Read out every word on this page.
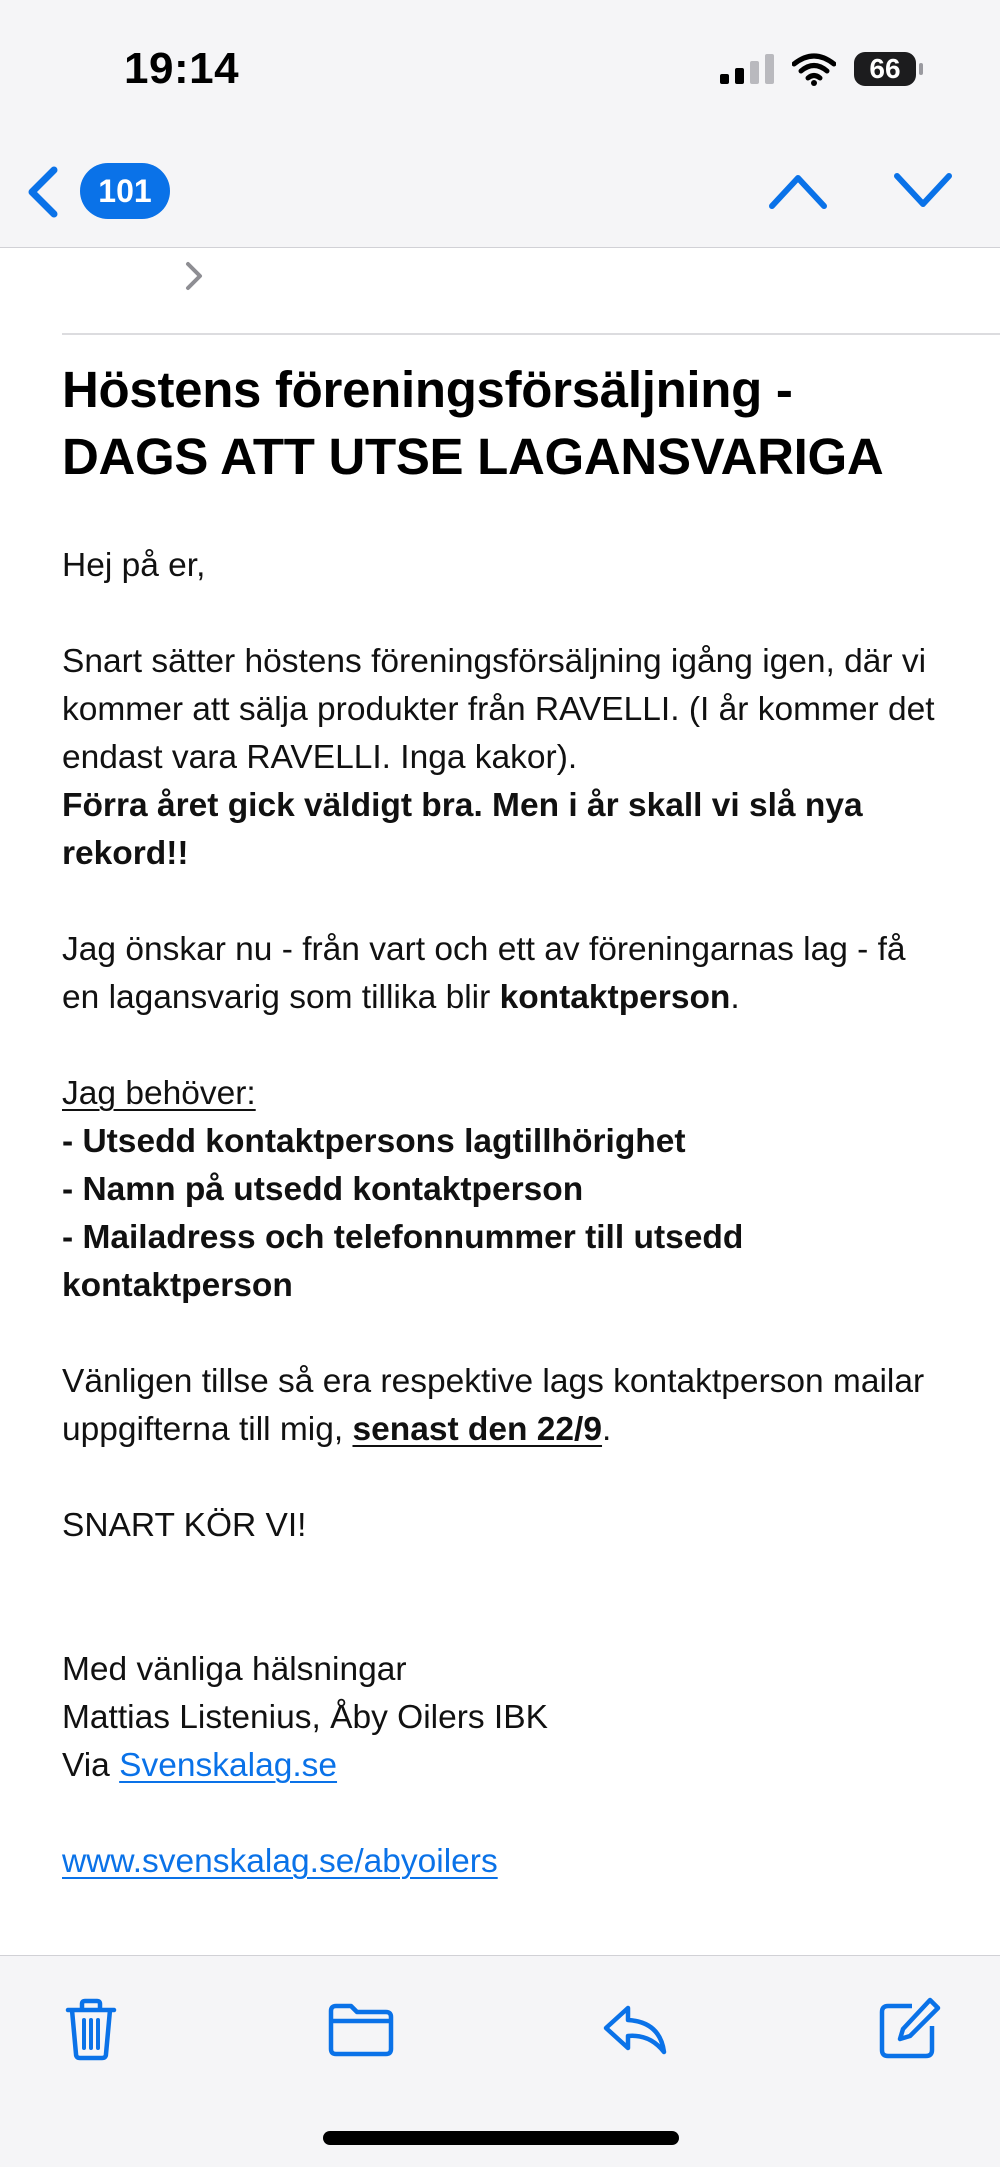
19:14	66
101
Höstens föreningsförsäljning - DAGS ATT UTSE LAGANSVARIGA

Hej på er,

Snart sätter höstens föreningsförsäljning igång igen, där vi kommer att sälja produkter från RAVELLI. (I år kommer det endast vara RAVELLI. Inga kakor).
Förra året gick väldigt bra. Men i år skall vi slå nya rekord!!

Jag önskar nu - från vart och ett av föreningarnas lag - få en lagansvarig som tillika blir kontaktperson.

Jag behöver:
- Utsedd kontaktpersons lagtillhörighet
- Namn på utsedd kontaktperson
- Mailadress och telefonnummer till utsedd kontaktperson

Vänligen tillse så era respektive lags kontaktperson mailar uppgifterna till mig, senast den 22/9.

SNART KÖR VI!

Med vänliga hälsningar
Mattias Listenius, Åby Oilers IBK
Via Svenskalag.se

www.svenskalag.se/abyoilers
